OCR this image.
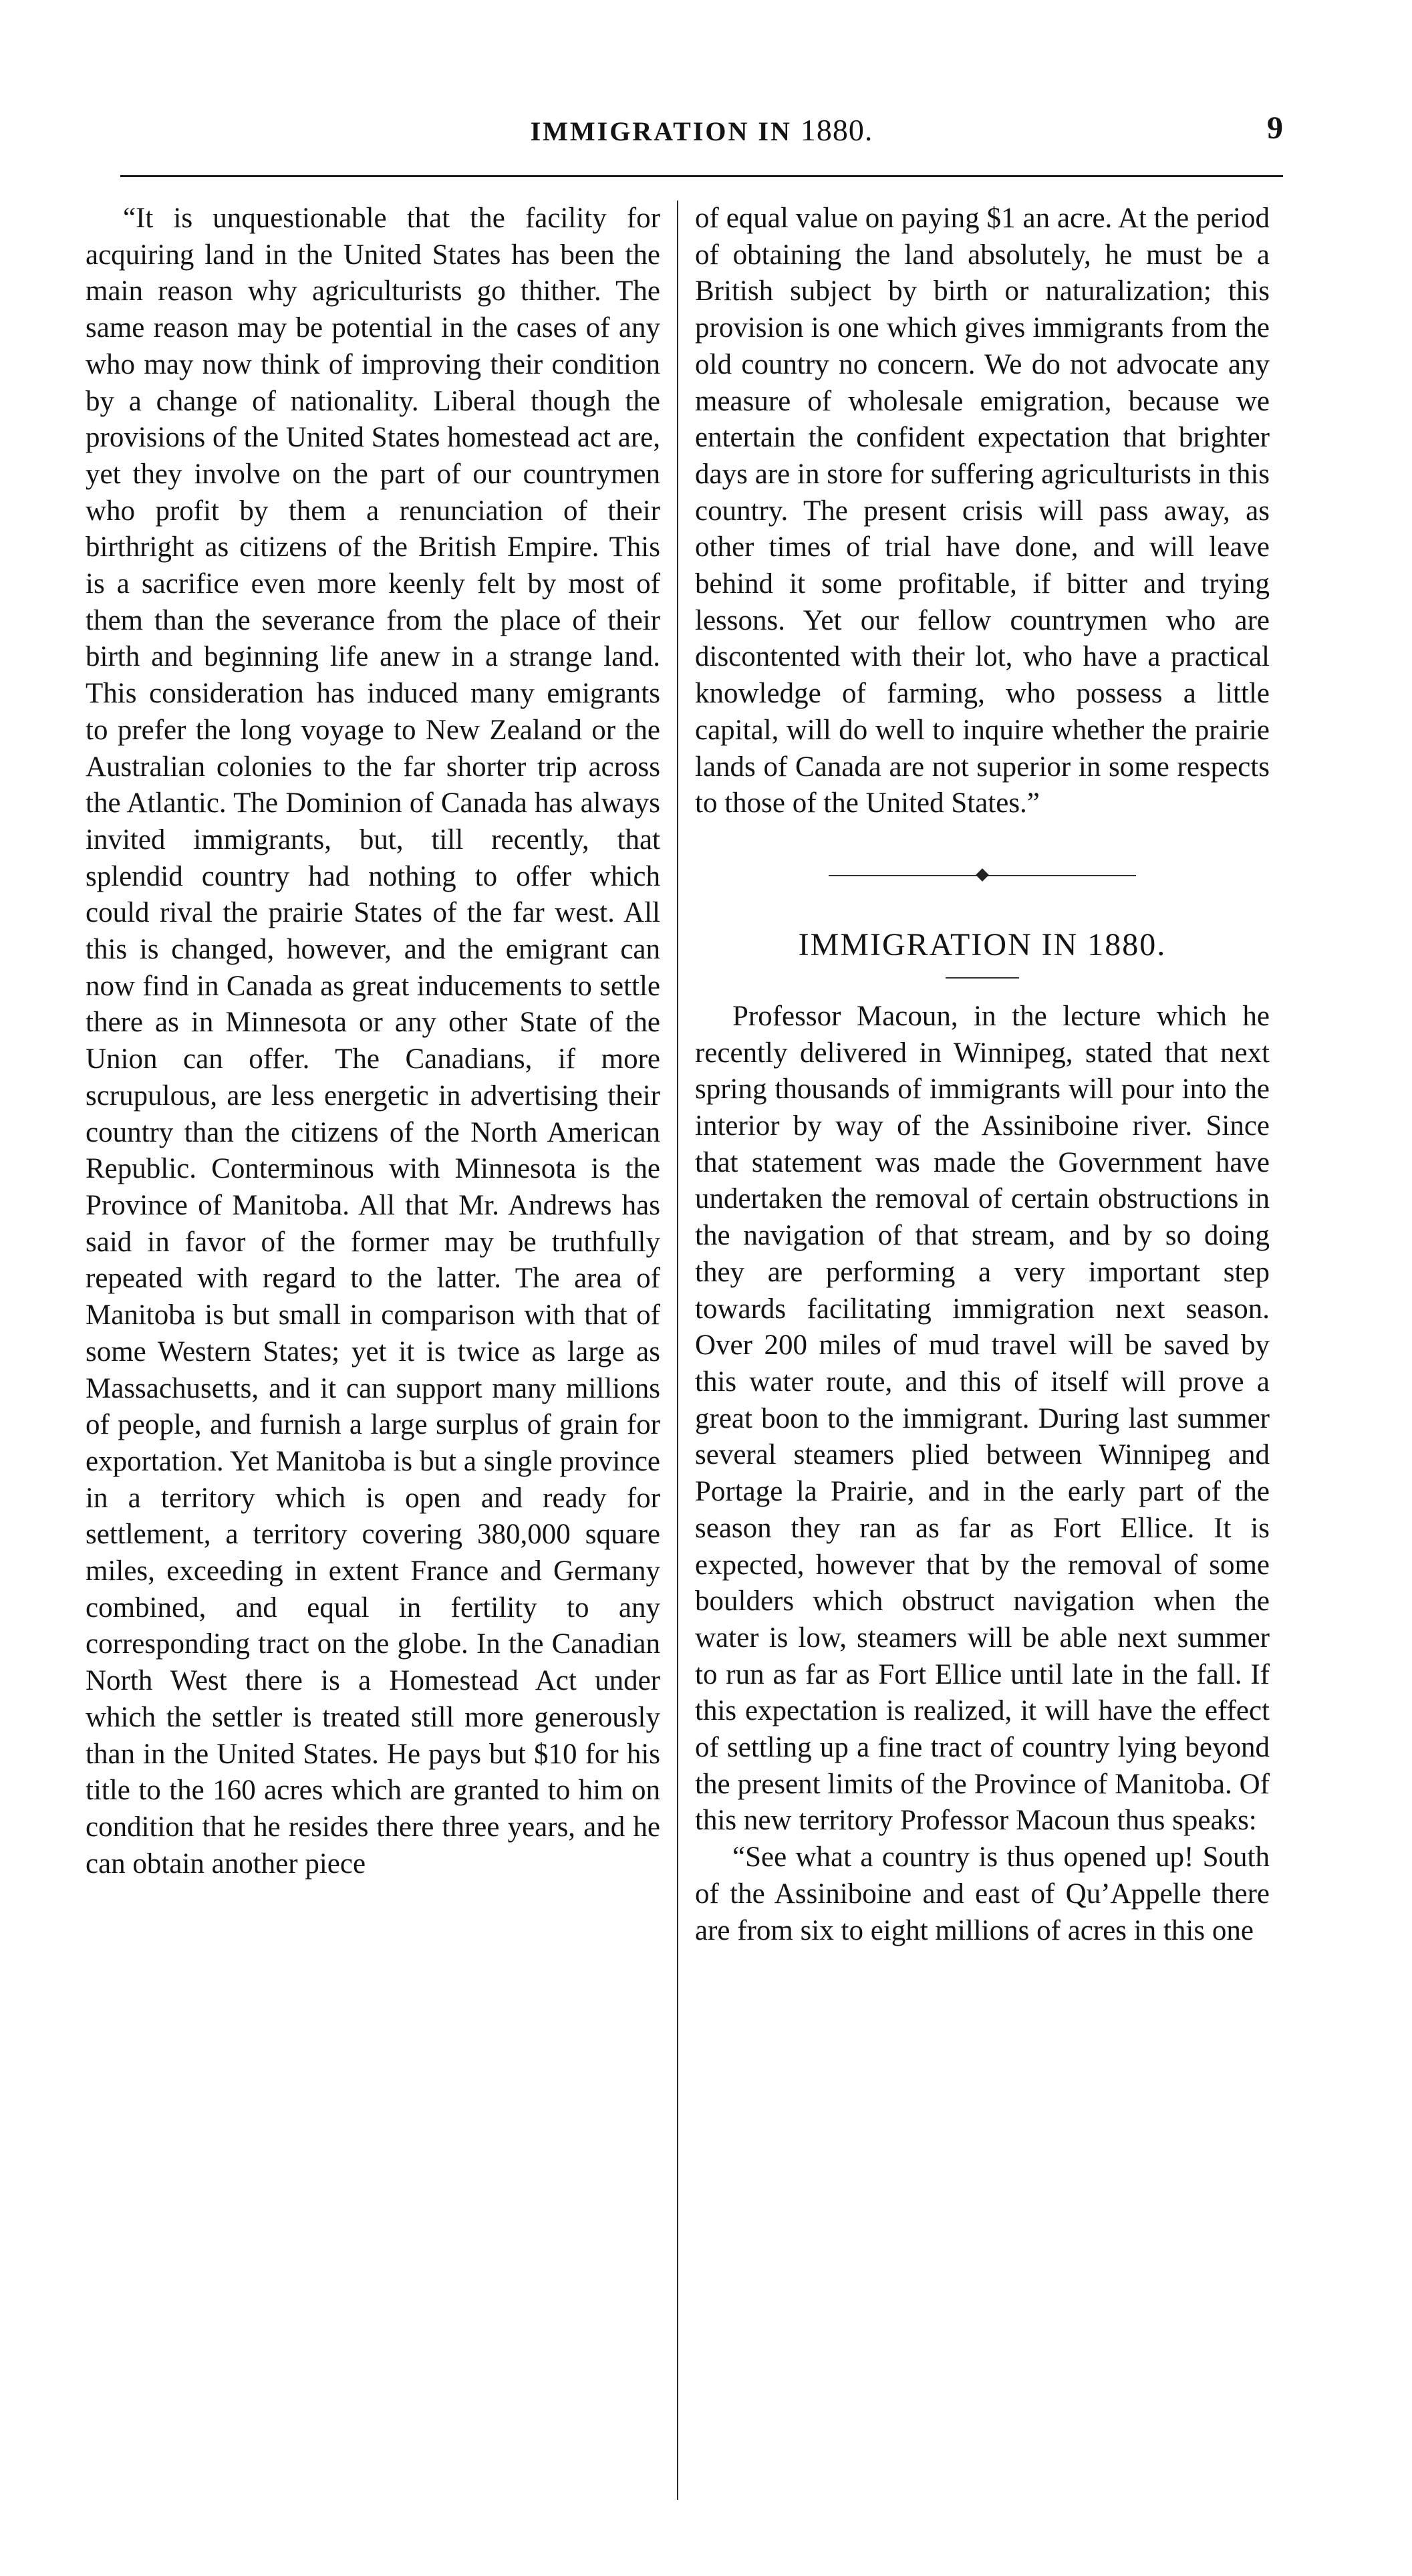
IMMIGRATION IN 1880.	9

“It is unquestionable that the facility for acquiring land in the United States has been the main reason why agriculturists go thither. The same reason may be potential in the cases of any who may now think of improving their condition by a change of nationality. Liberal though the provisions of the United States homestead act are, yet they involve on the part of our countrymen who profit by them a renunciation of their birthright as citizens of the British Empire. This is a sacrifice even more keenly felt by most of them than the severance from the place of their birth and beginning life anew in a strange land. This consideration has induced many emigrants to prefer the long voyage to New Zealand or the Australian colonies to the far shorter trip across the Atlantic. The Dominion of Canada has always invited immigrants, but, till recently, that splendid country had nothing to offer which could rival the prairie States of the far west. All this is changed, however, and the emigrant can now find in Canada as great inducements to settle there as in Minnesota or any other State of the Union can offer. The Canadians, if more scrupulous, are less energetic in advertising their country than the citizens of the North American Republic. Conterminous with Minnesota is the Province of Manitoba. All that Mr. Andrews has said in favor of the former may be truthfully repeated with regard to the latter. The area of Manitoba is but small in comparison with that of some Western States; yet it is twice as large as Massachusetts, and it can support many millions of people, and furnish a large surplus of grain for exportation. Yet Manitoba is but a single province in a territory which is open and ready for settlement, a territory covering 380,000 square miles, exceeding in extent France and Germany combined, and equal in fertility to any corresponding tract on the globe. In the Canadian North West there is a Homestead Act under which the settler is treated still more generously than in the United States. He pays but $10 for his title to the 160 acres which are granted to him on condition that he resides there three years, and he can obtain another piece

of equal value on paying $1 an acre. At the period of obtaining the land absolutely, he must be a British subject by birth or naturalization; this provision is one which gives immigrants from the old country no concern. We do not advocate any measure of wholesale emigration, because we entertain the confident expectation that brighter days are in store for suffering agriculturists in this country. The present crisis will pass away, as other times of trial have done, and will leave behind it some profitable, if bitter and trying lessons. Yet our fellow countrymen who are discontented with their lot, who have a practical knowledge of farming, who possess a little capital, will do well to inquire whether the prairie lands of Canada are not superior in some respects to those of the United States.”

IMMIGRATION IN 1880.

Professor Macoun, in the lecture which he recently delivered in Winnipeg, stated that next spring thousands of immigrants will pour into the interior by way of the Assiniboine river. Since that statement was made the Government have undertaken the removal of certain obstructions in the navigation of that stream, and by so doing they are performing a very important step towards facilitating immigration next season. Over 200 miles of mud travel will be saved by this water route, and this of itself will prove a great boon to the immigrant. During last summer several steamers plied between Winnipeg and Portage la Prairie, and in the early part of the season they ran as far as Fort Ellice. It is expected, however that by the removal of some boulders which obstruct navigation when the water is low, steamers will be able next summer to run as far as Fort Ellice until late in the fall. If this expectation is realized, it will have the effect of settling up a fine tract of country lying beyond the present limits of the Province of Manitoba. Of this new territory Professor Macoun thus speaks:

“See what a country is thus opened up! South of the Assiniboine and east of Qu’Appelle there are from six to eight millions of acres in this one
